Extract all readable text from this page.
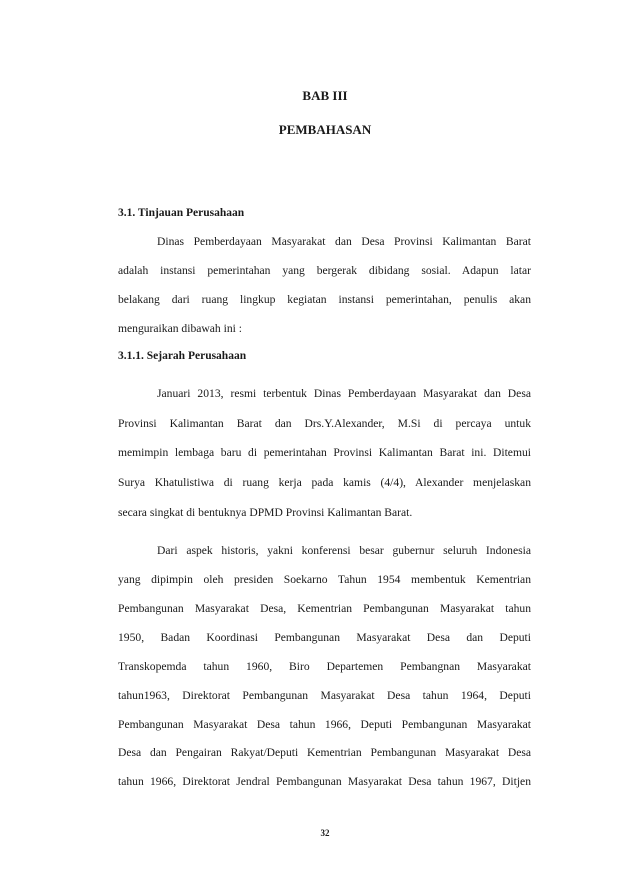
BAB III
PEMBAHASAN
3.1. Tinjauan Perusahaan
Dinas Pemberdayaan Masyarakat dan Desa Provinsi Kalimantan Barat
adalah instansi pemerintahan yang bergerak dibidang sosial. Adapun latar
belakang dari ruang lingkup kegiatan instansi pemerintahan, penulis akan
menguraikan dibawah ini :
3.1.1. Sejarah Perusahaan
Januari 2013, resmi terbentuk Dinas Pemberdayaan Masyarakat dan Desa
Provinsi Kalimantan Barat dan Drs.Y.Alexander, M.Si di percaya untuk
memimpin lembaga baru di pemerintahan Provinsi Kalimantan Barat ini. Ditemui
Surya Khatulistiwa di ruang kerja pada kamis (4/4), Alexander menjelaskan
secara singkat di bentuknya DPMD Provinsi Kalimantan Barat.
Dari aspek historis, yakni konferensi besar gubernur seluruh Indonesia
yang dipimpin oleh presiden Soekarno Tahun 1954 membentuk Kementrian
Pembangunan Masyarakat Desa, Kementrian Pembangunan Masyarakat tahun
1950, Badan Koordinasi Pembangunan Masyarakat Desa dan Deputi
Transkopemda tahun 1960, Biro Departemen Pembangnan Masyarakat
tahun1963, Direktorat Pembangunan Masyarakat Desa tahun 1964, Deputi
Pembangunan Masyarakat Desa tahun 1966, Deputi Pembangunan Masyarakat
Desa dan Pengairan Rakyat/Deputi Kementrian Pembangunan Masyarakat Desa
tahun 1966, Direktorat Jendral Pembangunan Masyarakat Desa tahun 1967, Ditjen
32
